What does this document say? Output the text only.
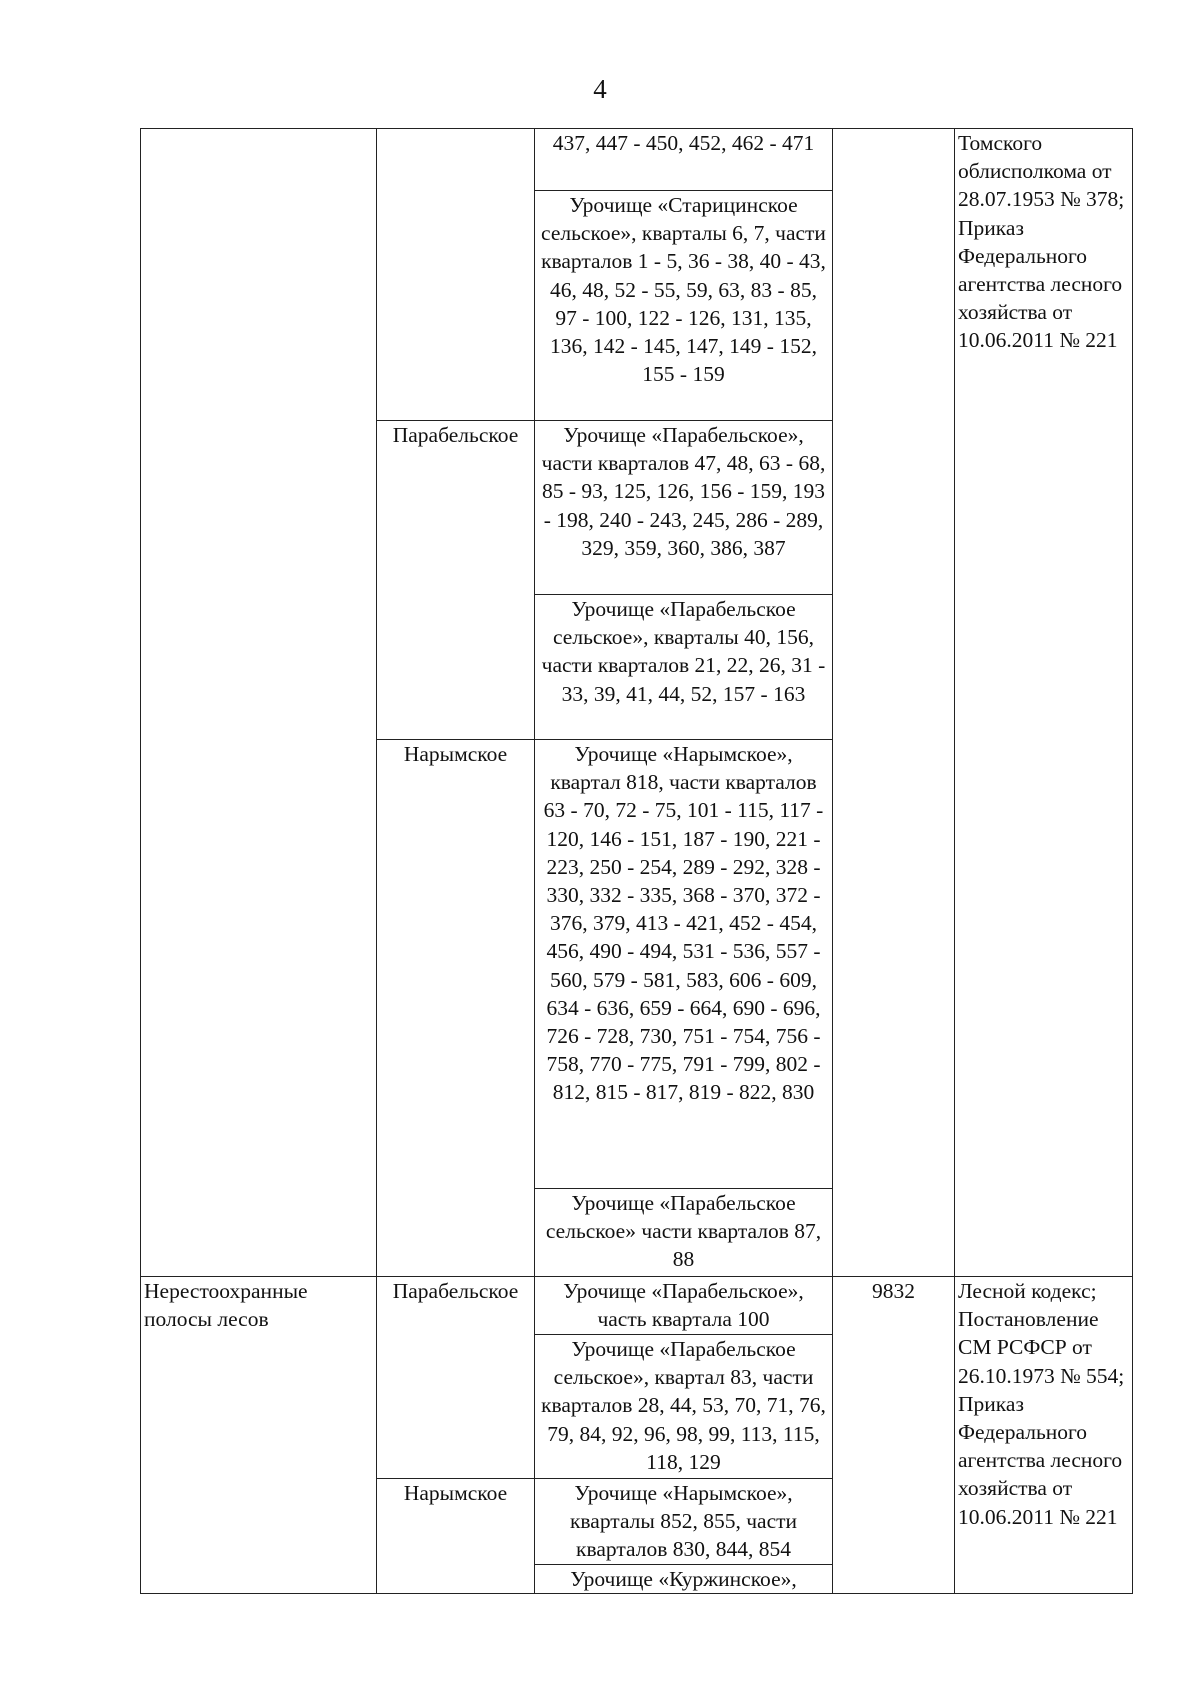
4

		437, 447 - 450, 452, 462 - 471		Томского облисполкома от 28.07.1953 № 378; Приказ Федерального агентства лесного хозяйства от 10.06.2011 № 221

		Урочище «Старицинское сельское», кварталы 6, 7, части кварталов 1 - 5, 36 - 38, 40 - 43, 46, 48, 52 - 55, 59, 63, 83 - 85, 97 - 100, 122 - 126, 131, 135, 136, 142 - 145, 147, 149 - 152, 155 - 159		

	Парабельское	Урочище «Парабельское», части кварталов 47, 48, 63 - 68, 85 - 93, 125, 126, 156 - 159, 193 - 198, 240 - 243, 245, 286 - 289, 329, 359, 360, 386, 387		

		Урочище «Парабельское сельское», кварталы 40, 156, части кварталов 21, 22, 26, 31 - 33, 39, 41, 44, 52, 157 - 163		

	Нарымское	Урочище «Нарымское», квартал 818, части кварталов 63 - 70, 72 - 75, 101 - 115, 117 - 120, 146 - 151, 187 - 190, 221 - 223, 250 - 254, 289 - 292, 328 - 330, 332 - 335, 368 - 370, 372 - 376, 379, 413 - 421, 452 - 454, 456, 490 - 494, 531 - 536, 557 - 560, 579 - 581, 583, 606 - 609, 634 - 636, 659 - 664, 690 - 696, 726 - 728, 730, 751 - 754, 756 - 758, 770 - 775, 791 - 799, 802 - 812, 815 - 817, 819 - 822, 830		

		Урочище «Парабельское сельское» части кварталов 87, 88		

Нерестоохранные полосы лесов	Парабельское	Урочище «Парабельское», часть квартала 100	9832	Лесной кодекс; Постановление СМ РСФСР от 26.10.1973 № 554; Приказ Федерального агентства лесного хозяйства от 10.06.2011 № 221

		Урочище «Парабельское сельское», квартал 83, части кварталов 28, 44, 53, 70, 71, 76, 79, 84, 92, 96, 98, 99, 113, 115, 118, 129		

	Нарымское	Урочище «Нарымское», кварталы 852, 855, части кварталов 830, 844, 854		

		Урочище «Куржинское»,		
